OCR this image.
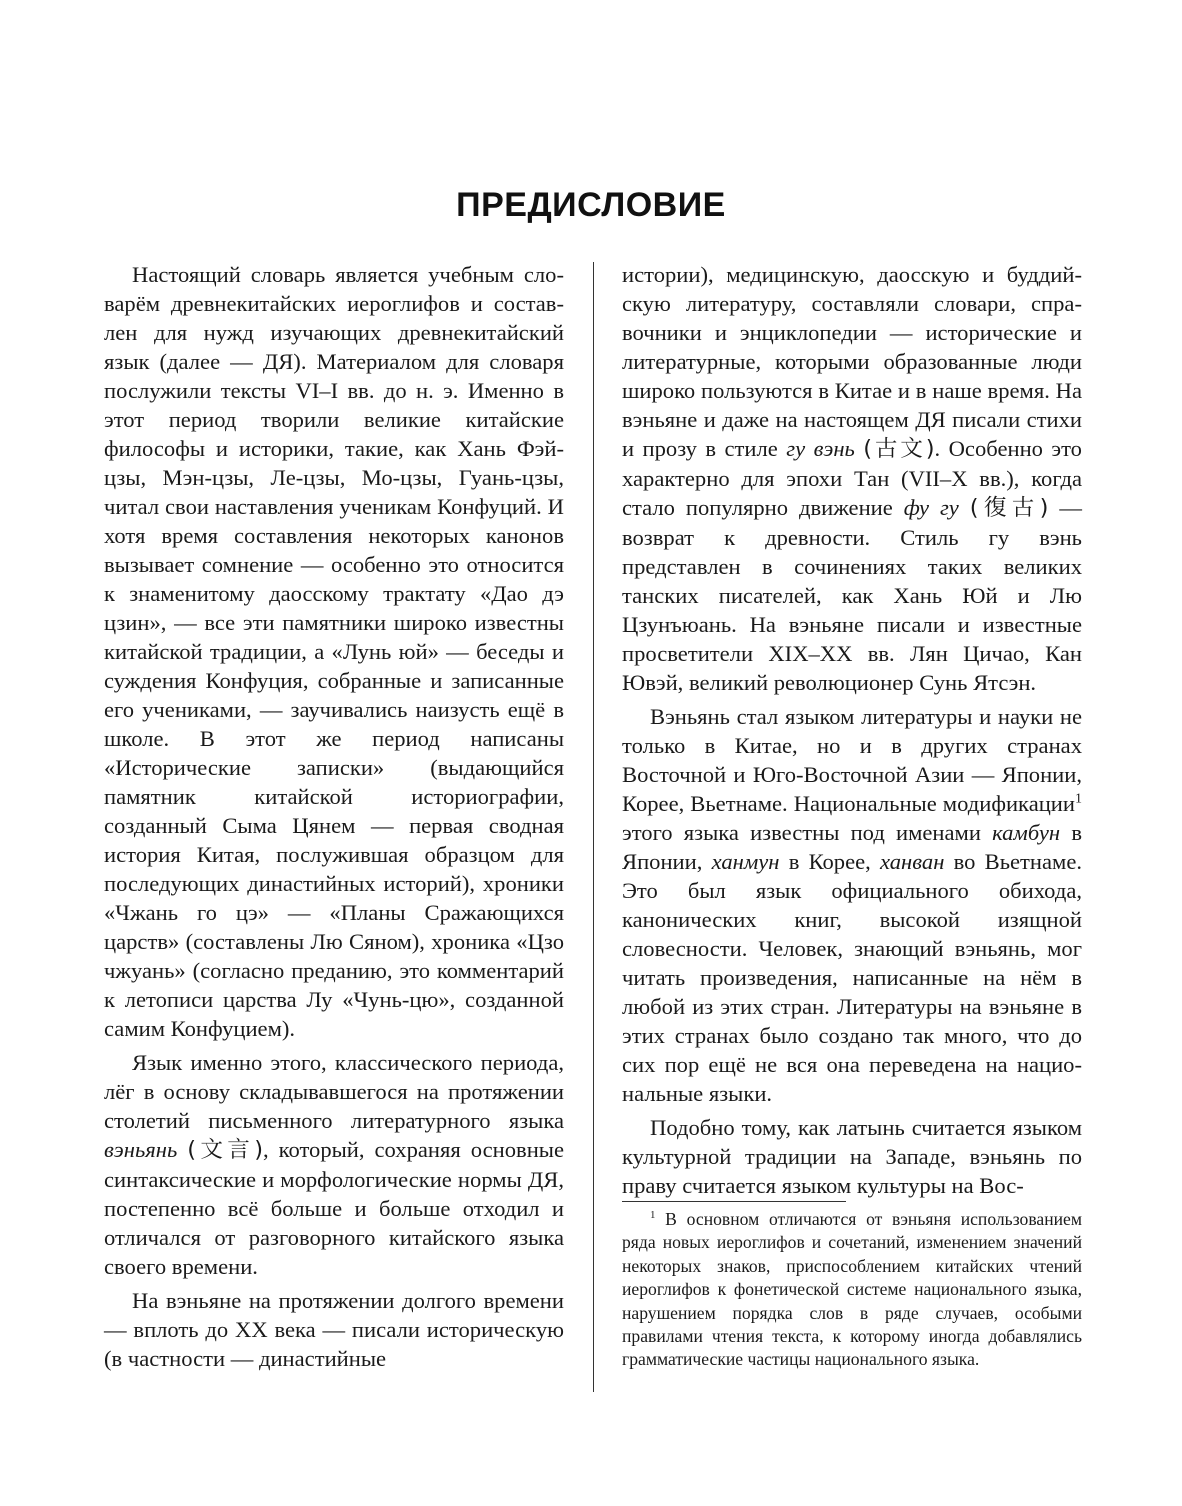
ПРЕДИСЛОВИЕ

Настоящий словарь является учебным словарём древнекитайских иероглифов и составлен для нужд изучающих древнекитайский язык (далее — ДЯ). Материалом для словаря послужили тексты VI–I вв. до н. э. Именно в этот период творили великие китайские философы и историки, такие, как Хань Фэйцзы, Мэн-цзы, Ле-цзы, Мо-цзы, Гуань-цзы, читал свои наставления ученикам Конфуций. И хотя время составления некоторых канонов вызывает сомнение — особенно это относится к знаменитому даосскому трактату «Дао дэ цзин», — все эти памятники широко известны китайской традиции, а «Лунь юй» — беседы и суждения Конфуция, собранные и записанные его учениками, — заучивались наизусть ещё в школе. В этот же период написаны «Исторические записки» (выдающийся памятник китайской историографии, созданный Сыма Цянем — первая сводная история Китая, послужившая образцом для последующих династийных историй), хроники «Чжань го цэ» — «Планы Сражающихся царств» (составлены Лю Сяном), хроника «Цзо чжуань» (согласно преданию, это комментарий к летописи царства Лу «Чунь-цю», созданной самим Конфуцием).

Язык именно этого, классического периода, лёг в основу складывавшегося на протяжении столетий письменного литературного языка вэньянь (文言), который, сохраняя основные синтаксические и морфологические нормы ДЯ, постепенно всё больше и больше отходил и отличался от разговорного китайского языка своего времени.

На вэньяне на протяжении долгого времени — вплоть до XX века — писали историческую (в частности — династийные

истории), медицинскую, даосскую и буддийскую литературу, составляли словари, справочники и энциклопедии — исторические и литературные, которыми образованные люди широко пользуются в Китае и в наше время. На вэньяне и даже на настоящем ДЯ писали стихи и прозу в стиле гу вэнь (古文). Особенно это характерно для эпохи Тан (VII–X вв.), когда стало популярно движение фу гу (復古) — возврат к древности. Стиль гу вэнь представлен в сочинениях таких великих танских писателей, как Хань Юй и Лю Цзунъюань. На вэньяне писали и известные просветители XIX–XX вв. Лян Цичао, Кан Ювэй, великий революционер Сунь Ятсэн.

Вэньянь стал языком литературы и науки не только в Китае, но и в других странах Восточной и Юго-Восточной Азии — Японии, Корее, Вьетнаме. Национальные модификации$^1$ этого языка известны под именами камбун в Японии, ханмун в Корее, ханван во Вьетнаме. Это был язык официального обихода, канонических книг, высокой изящной словесности. Человек, знающий вэньянь, мог читать произведения, написанные на нём в любой из этих стран. Литературы на вэньяне в этих странах было создано так много, что до сих пор ещё не вся она переведена на национальные языки.

Подобно тому, как латынь считается языком культурной традиции на Западе, вэньянь по праву считается языком культуры на Вос-

$^1$ В основном отличаются от вэньяня использованием ряда новых иероглифов и сочетаний, изменением значений некоторых знаков, приспособлением китайских чтений иероглифов к фонетической системе национального языка, нарушением порядка слов в ряде случаев, особыми правилами чтения текста, к которому иногда добавлялись грамматические частицы национального языка.
